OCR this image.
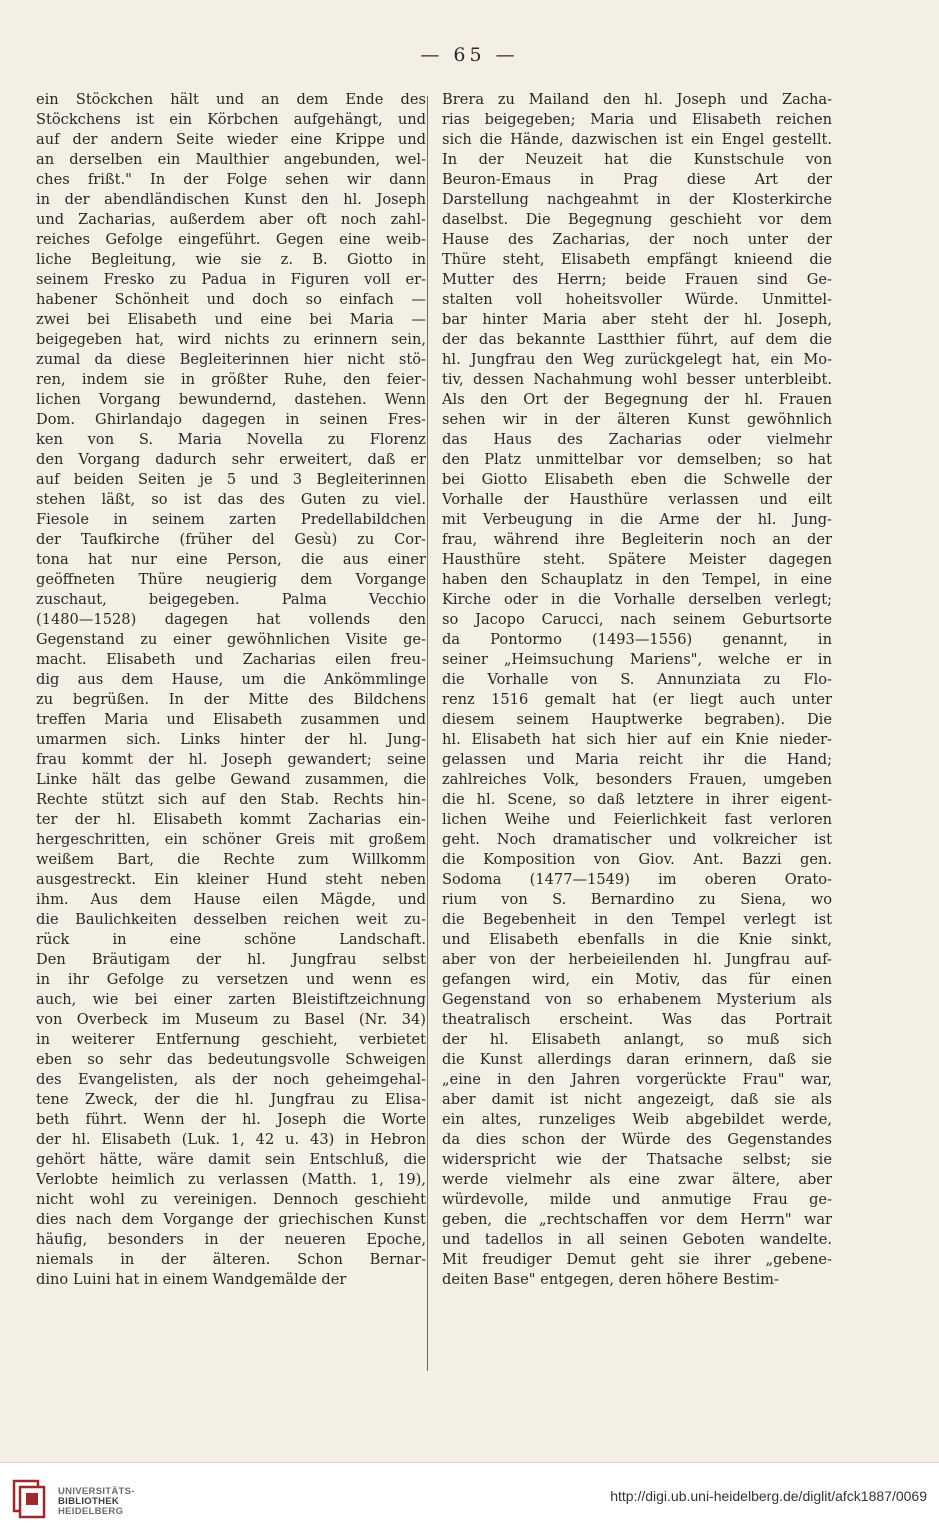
— 65 —
ein Stöckchen hält und an dem Ende des
Stöckchens ist ein Körbchen aufgehängt, und
auf der andern Seite wieder eine Krippe und
an derselben ein Maulthier angebunden, wel-
ches frißt." In der Folge sehen wir dann
in der abendländischen Kunst den hl. Joseph
und Zacharias, außerdem aber oft noch zahl-
reiches Gefolge eingeführt. Gegen eine weib-
liche Begleitung, wie sie z. B. Giotto in
seinem Fresko zu Padua in Figuren voll er-
habener Schönheit und doch so einfach —
zwei bei Elisabeth und eine bei Maria —
beigegeben hat, wird nichts zu erinnern sein,
zumal da diese Begleiterinnen hier nicht stö-
ren, indem sie in größter Ruhe, den feier-
lichen Vorgang bewundernd, dastehen. Wenn
Dom. Ghirlandajo dagegen in seinen Fres-
ken von S. Maria Novella zu Florenz
den Vorgang dadurch sehr erweitert, daß er
auf beiden Seiten je 5 und 3 Begleiterinnen
stehen läßt, so ist das des Guten zu viel.
Fiesole in seinem zarten Predellabildchen
der Taufkirche (früher del Gesù) zu Cor-
tona hat nur eine Person, die aus einer
geöffneten Thüre neugierig dem Vorgange
zuschaut, beigegeben. Palma Vecchio
(1480—1528) dagegen hat vollends den
Gegenstand zu einer gewöhnlichen Visite ge-
macht. Elisabeth und Zacharias eilen freu-
dig aus dem Hause, um die Ankömmlinge
zu begrüßen. In der Mitte des Bildchens
treffen Maria und Elisabeth zusammen und
umarmen sich. Links hinter der hl. Jung-
frau kommt der hl. Joseph gewandert; seine
Linke hält das gelbe Gewand zusammen, die
Rechte stützt sich auf den Stab. Rechts hin-
ter der hl. Elisabeth kommt Zacharias ein-
hergeschritten, ein schöner Greis mit großem
weißem Bart, die Rechte zum Willkomm
ausgestreckt. Ein kleiner Hund steht neben
ihm. Aus dem Hause eilen Mägde, und
die Baulichkeiten desselben reichen weit zu-
rück in eine schöne Landschaft.
Den Bräutigam der hl. Jungfrau selbst
in ihr Gefolge zu versetzen und wenn es
auch, wie bei einer zarten Bleistiftzeichnung
von Overbeck im Museum zu Basel (Nr. 34)
in weiterer Entfernung geschieht, verbietet
eben so sehr das bedeutungsvolle Schweigen
des Evangelisten, als der noch geheimgehal-
tene Zweck, der die hl. Jungfrau zu Elisa-
beth führt. Wenn der hl. Joseph die Worte
der hl. Elisabeth (Luk. 1, 42 u. 43) in Hebron
gehört hätte, wäre damit sein Entschluß, die
Verlobte heimlich zu verlassen (Matth. 1, 19),
nicht wohl zu vereinigen. Dennoch geschieht
dies nach dem Vorgange der griechischen Kunst
häufig, besonders in der neueren Epoche,
niemals in der älteren. Schon Bernar-
dino Luini hat in einem Wandgemälde der
Brera zu Mailand den hl. Joseph und Zacha-
rias beigegeben; Maria und Elisabeth reichen
sich die Hände, dazwischen ist ein Engel gestellt.
In der Neuzeit hat die Kunstschule von
Beuron-Emaus in Prag diese Art der
Darstellung nachgeahmt in der Klosterkirche
daselbst. Die Begegnung geschieht vor dem
Hause des Zacharias, der noch unter der
Thüre steht, Elisabeth empfängt knieend die
Mutter des Herrn; beide Frauen sind Ge-
stalten voll hoheitsvoller Würde. Unmittel-
bar hinter Maria aber steht der hl. Joseph,
der das bekannte Lastthier führt, auf dem die
hl. Jungfrau den Weg zurückgelegt hat, ein Mo-
tiv, dessen Nachahmung wohl besser unterbleibt.
Als den Ort der Begegnung der hl. Frauen
sehen wir in der älteren Kunst gewöhnlich
das Haus des Zacharias oder vielmehr
den Platz unmittelbar vor demselben; so hat
bei Giotto Elisabeth eben die Schwelle der
Vorhalle der Hausthüre verlassen und eilt
mit Verbeugung in die Arme der hl. Jung-
frau, während ihre Begleiterin noch an der
Hausthüre steht. Spätere Meister dagegen
haben den Schauplatz in den Tempel, in eine
Kirche oder in die Vorhalle derselben verlegt;
so Jacopo Carucci, nach seinem Geburtsorte
da Pontormo (1493—1556) genannt, in
seiner „Heimsuchung Mariens", welche er in
die Vorhalle von S. Annunziata zu Flo-
renz 1516 gemalt hat (er liegt auch unter
diesem seinem Hauptwerke begraben). Die
hl. Elisabeth hat sich hier auf ein Knie nieder-
gelassen und Maria reicht ihr die Hand;
zahlreiches Volk, besonders Frauen, umgeben
die hl. Scene, so daß letztere in ihrer eigent-
lichen Weihe und Feierlichkeit fast verloren
geht. Noch dramatischer und volkreicher ist
die Komposition von Giov. Ant. Bazzi gen.
Sodoma (1477—1549) im oberen Orato-
rium von S. Bernardino zu Siena, wo
die Begebenheit in den Tempel verlegt ist
und Elisabeth ebenfalls in die Knie sinkt,
aber von der herbeieilenden hl. Jungfrau auf-
gefangen wird, ein Motiv, das für einen
Gegenstand von so erhabenem Mysterium als
theatralisch erscheint. Was das Portrait
der hl. Elisabeth anlangt, so muß sich
die Kunst allerdings daran erinnern, daß sie
„eine in den Jahren vorgerückte Frau" war,
aber damit ist nicht angezeigt, daß sie als
ein altes, runzeliges Weib abgebildet werde,
da dies schon der Würde des Gegenstandes
widerspricht wie der Thatsache selbst; sie
werde vielmehr als eine zwar ältere, aber
würdevolle, milde und anmutige Frau ge-
geben, die „rechtschaffen vor dem Herrn" war
und tadellos in all seinen Geboten wandelte.
Mit freudiger Demut geht sie ihrer „gebene-
deiten Base" entgegen, deren höhere Bestim-
UNIVERSITÄTS-
BIBLIOTHEK
HEIDELBERG
http://digi.ub.uni-heidelberg.de/diglit/afck1887/0069
